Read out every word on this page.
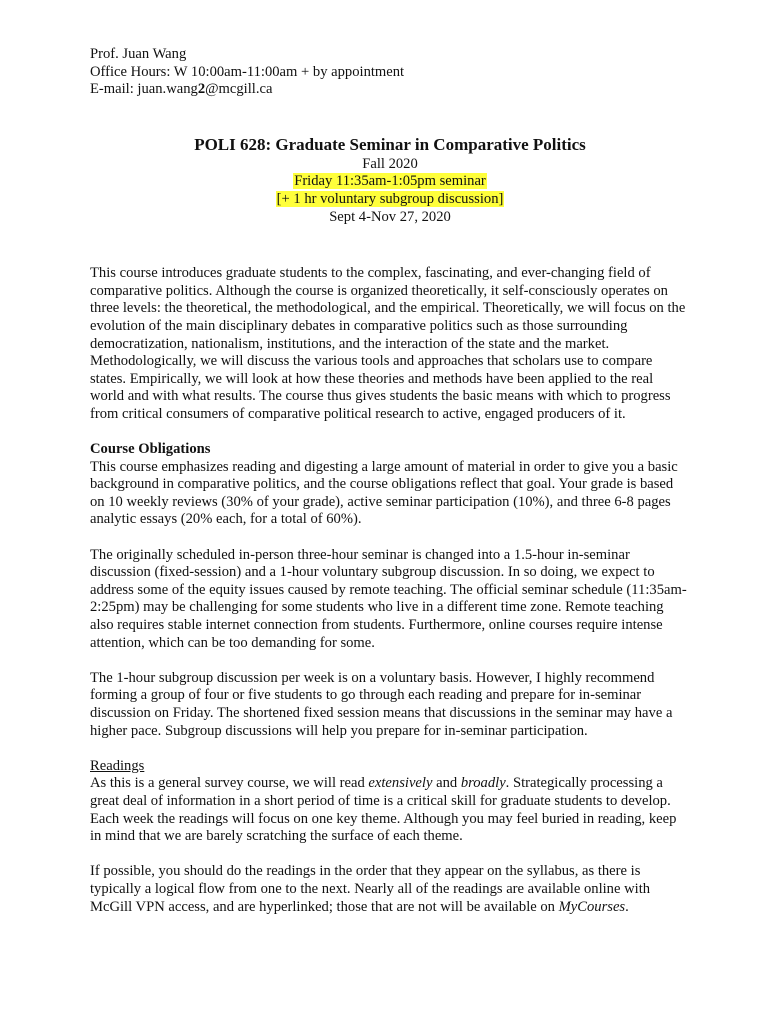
Prof. Juan Wang

Office Hours: W 10:00am-11:00am + by appointment

E-mail: juan.wang2@mcgill.ca

POLI 628: Graduate Seminar in Comparative Politics

Fall 2020

Friday 11:35am-1:05pm seminar

[+ 1 hr voluntary subgroup discussion]

Sept 4-Nov 27, 2020

This course introduces graduate students to the complex, fascinating, and ever-changing field of comparative politics. Although the course is organized theoretically, it self-consciously operates on three levels: the theoretical, the methodological, and the empirical. Theoretically, we will focus on the evolution of the main disciplinary debates in comparative politics such as those surrounding democratization, nationalism, institutions, and the interaction of the state and the market. Methodologically, we will discuss the various tools and approaches that scholars use to compare states. Empirically, we will look at how these theories and methods have been applied to the real world and with what results. The course thus gives students the basic means with which to progress from critical consumers of comparative political research to active, engaged producers of it.

Course Obligations

This course emphasizes reading and digesting a large amount of material in order to give you a basic background in comparative politics, and the course obligations reflect that goal. Your grade is based on 10 weekly reviews (30% of your grade), active seminar participation (10%), and three 6-8 pages analytic essays (20% each, for a total of 60%).

The originally scheduled in-person three-hour seminar is changed into a 1.5-hour in-seminar discussion (fixed-session) and a 1-hour voluntary subgroup discussion. In so doing, we expect to address some of the equity issues caused by remote teaching. The official seminar schedule (11:35am-2:25pm) may be challenging for some students who live in a different time zone. Remote teaching also requires stable internet connection from students. Furthermore, online courses require intense attention, which can be too demanding for some.

The 1-hour subgroup discussion per week is on a voluntary basis. However, I highly recommend forming a group of four or five students to go through each reading and prepare for in-seminar discussion on Friday. The shortened fixed session means that discussions in the seminar may have a higher pace. Subgroup discussions will help you prepare for in-seminar participation.

Readings

As this is a general survey course, we will read extensively and broadly. Strategically processing a great deal of information in a short period of time is a critical skill for graduate students to develop. Each week the readings will focus on one key theme. Although you may feel buried in reading, keep in mind that we are barely scratching the surface of each theme.

If possible, you should do the readings in the order that they appear on the syllabus, as there is typically a logical flow from one to the next. Nearly all of the readings are available online with McGill VPN access, and are hyperlinked; those that are not will be available on MyCourses.
